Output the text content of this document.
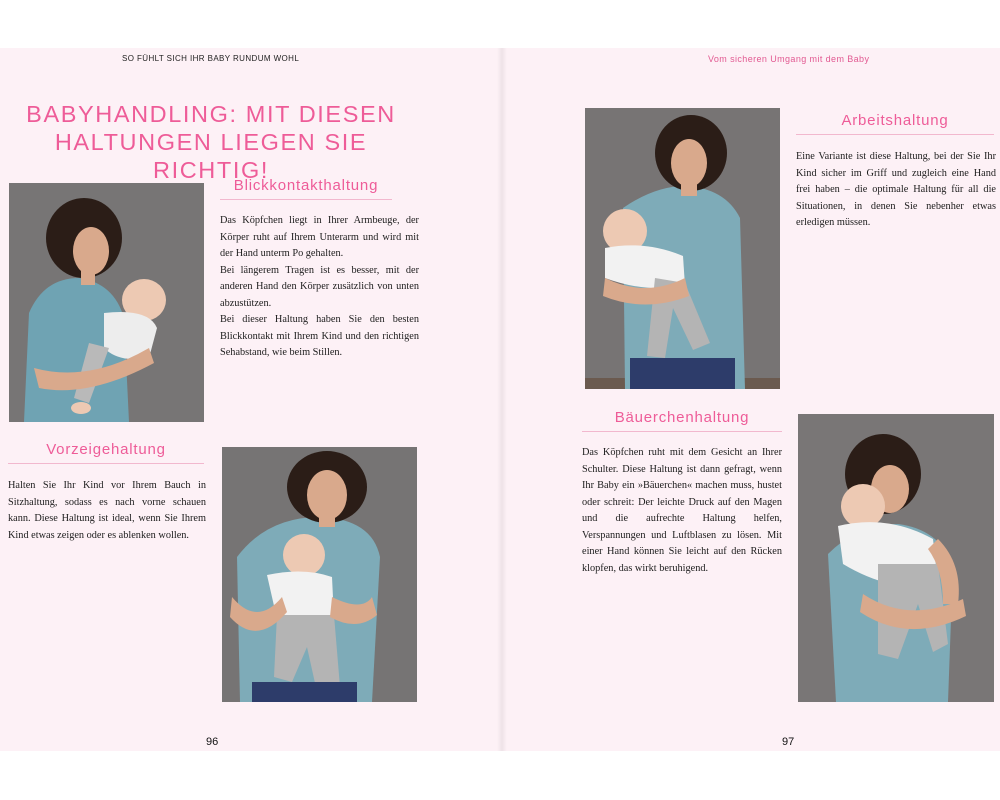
SO FÜHLT SICH IHR BABY RUNDUM WOHL	Vom sicheren Umgang mit dem Baby
BABYHANDLING: MIT DIESEN
HALTUNGEN LIEGEN SIE RICHTIG!
Blickkontakthaltung

Das Köpfchen liegt in Ihrer Armbeuge, der Körper ruht auf Ihrem Unterarm und wird mit der Hand unterm Po gehalten.

Bei längerem Tragen ist es besser, mit der anderen Hand den Körper zusätzlich von unten abzustützen.

Bei dieser Haltung haben Sie den besten Blickkontakt mit Ihrem Kind und den richtigen Sehabstand, wie beim Stillen.

Vorzeigehaltung

Halten Sie Ihr Kind vor Ihrem Bauch in Sitzhaltung, sodass es nach vorne schauen kann. Diese Haltung ist ideal, wenn Sie Ihrem Kind etwas zeigen oder es ablenken wollen.

Arbeitshaltung

Eine Variante ist diese Haltung, bei der Sie Ihr Kind sicher im Griff und zugleich eine Hand frei haben – die optimale Haltung für all die Situationen, in denen Sie nebenher etwas erledigen müssen.

Bäuerchenhaltung

Das Köpfchen ruht mit dem Gesicht an Ihrer Schulter. Diese Haltung ist dann gefragt, wenn Ihr Baby ein »Bäuerchen« machen muss, hustet oder schreit: Der leichte Druck auf den Magen und die aufrechte Haltung helfen, Verspannungen und Luftblasen zu lösen. Mit einer Hand können Sie leicht auf den Rücken klopfen, das wirkt beruhigend.

96	97
